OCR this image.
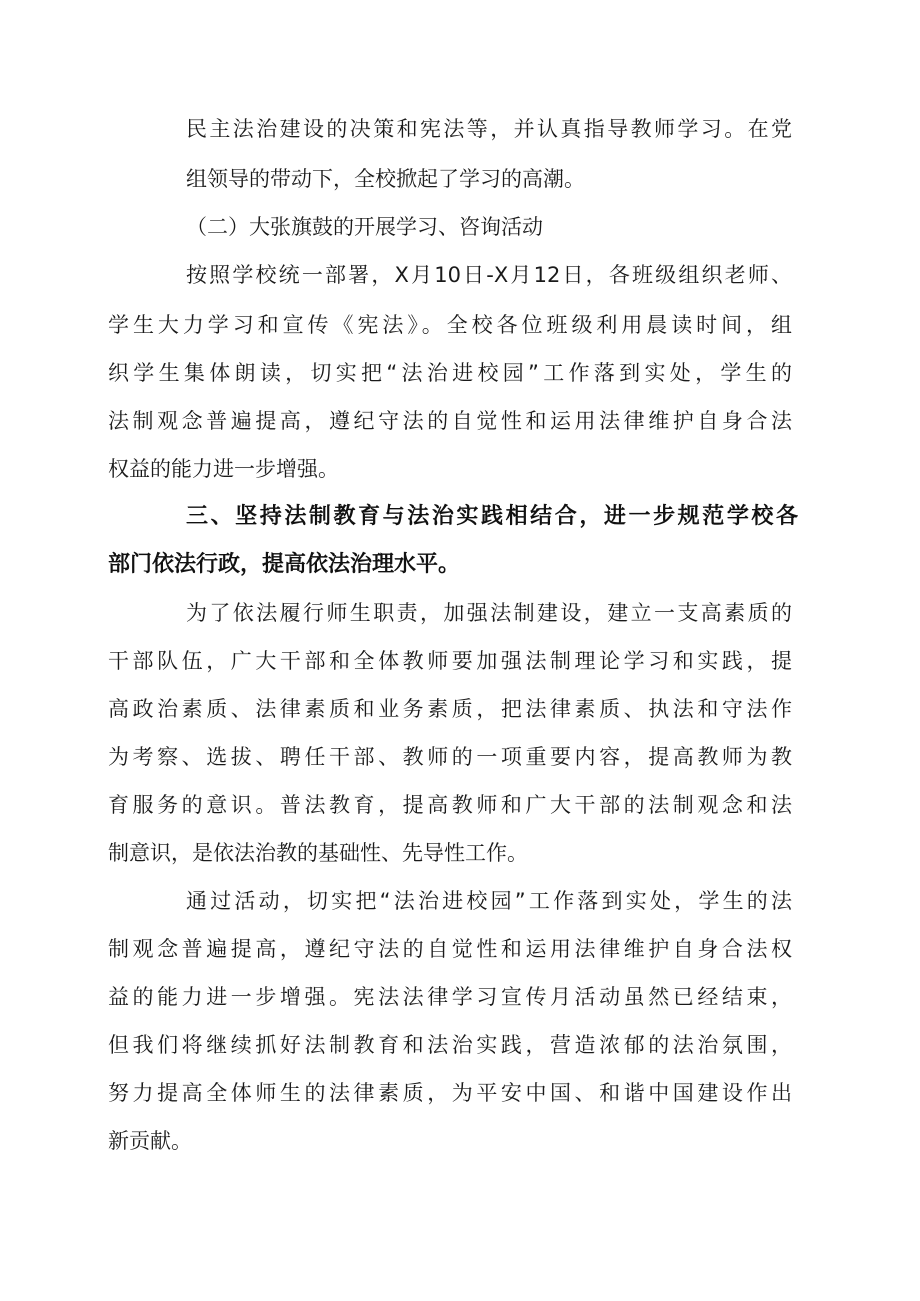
民主法治建设的决策和宪法等，并认真指导教师学习。在党
组领导的带动下，全校掀起了学习的高潮。
（二）大张旗鼓的开展学习、咨询活动
按照学校统一部署，X月10日-X月12日，各班级组织老师、
学生大力学习和宣传《宪法》。全校各位班级利用晨读时间，组
织学生集体朗读，切实把“法治进校园”工作落到实处，学生的
法制观念普遍提高，遵纪守法的自觉性和运用法律维护自身合法
权益的能力进一步增强。
三、坚持法制教育与法治实践相结合，进一步规范学校各
部门依法行政，提高依法治理水平。
为了依法履行师生职责，加强法制建设，建立一支高素质的
干部队伍，广大干部和全体教师要加强法制理论学习和实践，提
高政治素质、法律素质和业务素质，把法律素质、执法和守法作
为考察、选拔、聘任干部、教师的一项重要内容，提高教师为教
育服务的意识。普法教育，提高教师和广大干部的法制观念和法
制意识，是依法治教的基础性、先导性工作。
通过活动，切实把“法治进校园”工作落到实处，学生的法
制观念普遍提高，遵纪守法的自觉性和运用法律维护自身合法权
益的能力进一步增强。宪法法律学习宣传月活动虽然已经结束，
但我们将继续抓好法制教育和法治实践，营造浓郁的法治氛围，
努力提高全体师生的法律素质，为平安中国、和谐中国建设作出
新贡献。
